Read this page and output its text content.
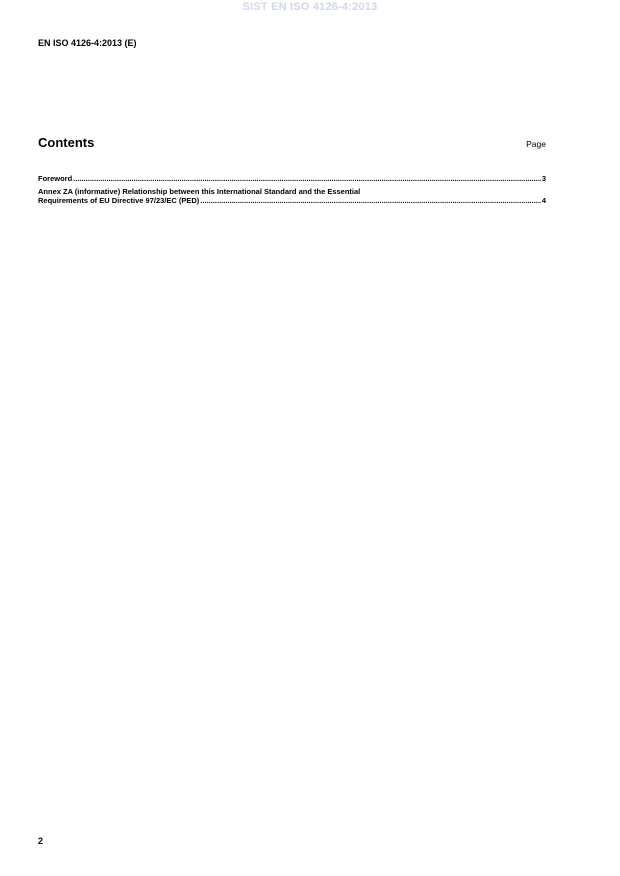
SIST EN ISO 4126-4:2013
EN ISO 4126-4:2013 (E)
Contents	Page
Foreword .....	3
Annex ZA (informative) Relationship between this International Standard and the Essential
Requirements of EU Directive 97/23/EC (PED) .....	4
2
